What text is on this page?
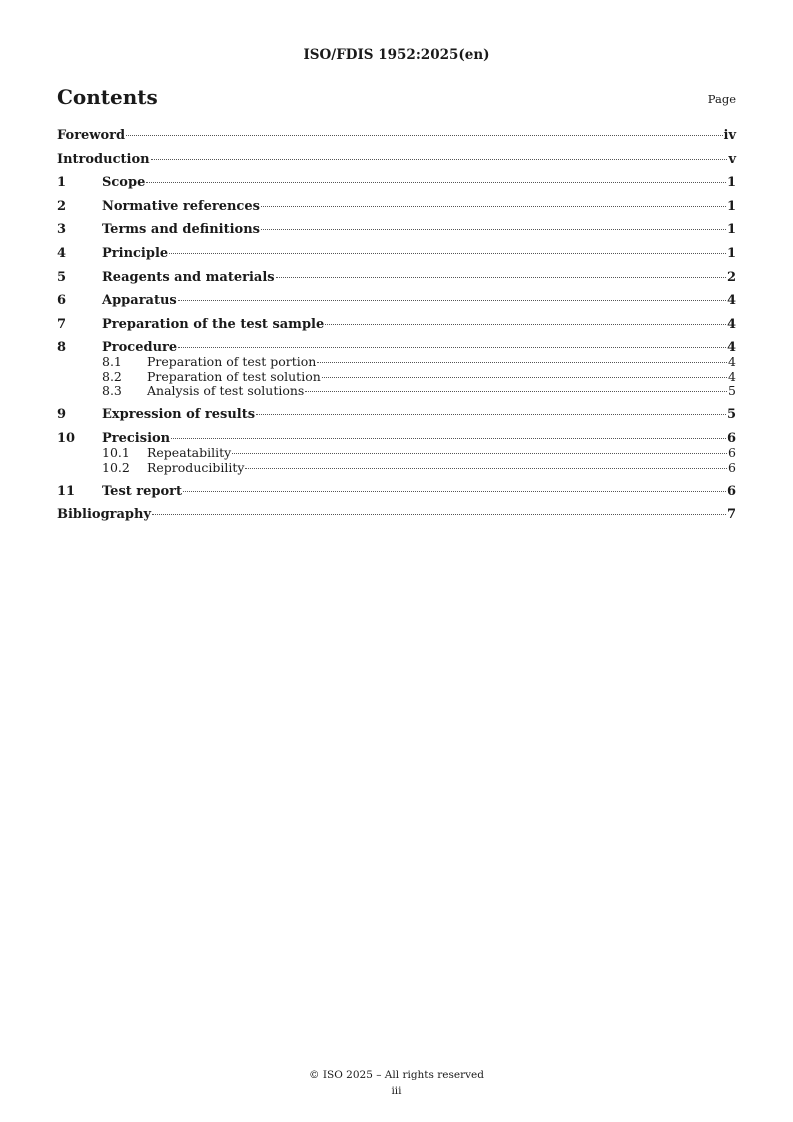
ISO/FDIS 1952:2025(en)
Contents	Page
Foreword	iv
Introduction	v
1	Scope	1
2	Normative references	1
3	Terms and definitions	1
4	Principle	1
5	Reagents and materials	2
6	Apparatus	4
7	Preparation of the test sample	4
8	Procedure	4
8.1	Preparation of test portion	4
8.2	Preparation of test solution	4
8.3	Analysis of test solutions	5
9	Expression of results	5
10	Precision	6
10.1	Repeatability	6
10.2	Reproducibility	6
11	Test report	6
Bibliography	7
© ISO 2025 – All rights reserved
iii
